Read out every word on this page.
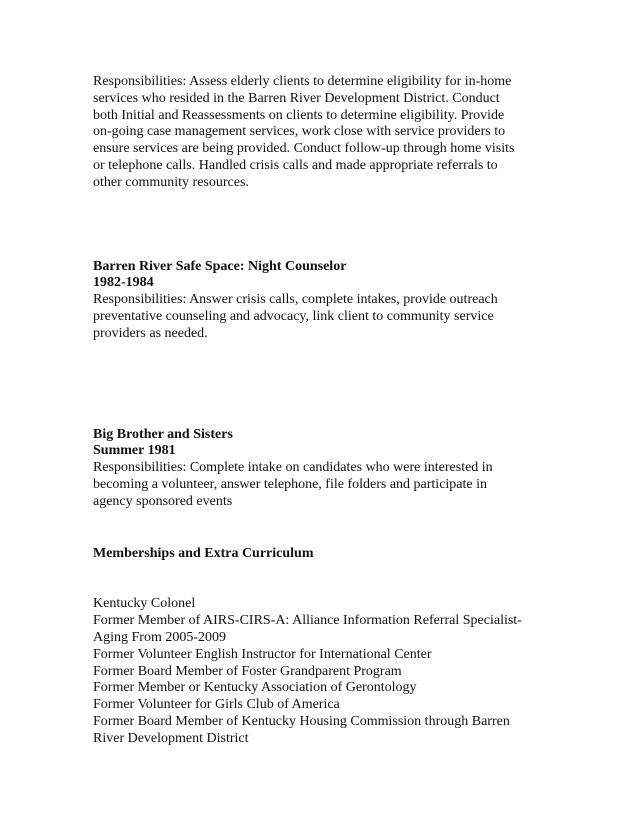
Responsibilities: Assess elderly clients to determine eligibility for in-home
services who resided in the Barren River Development District. Conduct
both Initial and Reassessments on clients to determine eligibility. Provide
on-going case management services, work close with service providers to
ensure services are being provided. Conduct follow-up through home visits
or telephone calls. Handled crisis calls and made appropriate referrals to
other community resources.
Barren River Safe Space: Night Counselor
1982-1984
Responsibilities: Answer crisis calls, complete intakes, provide outreach
preventative counseling and advocacy, link client to community service
providers as needed.
Big Brother and Sisters
Summer 1981
Responsibilities: Complete intake on candidates who were interested in
becoming a volunteer, answer telephone, file folders and participate in
agency sponsored events
Memberships and Extra Curriculum
Kentucky Colonel
Former Member of AIRS-CIRS-A: Alliance Information Referral Specialist-
Aging From 2005-2009
Former Volunteer English Instructor for International Center
Former Board Member of Foster Grandparent Program
Former Member or Kentucky Association of Gerontology
Former Volunteer for Girls Club of America
Former Board Member of Kentucky Housing Commission through Barren
River Development District
